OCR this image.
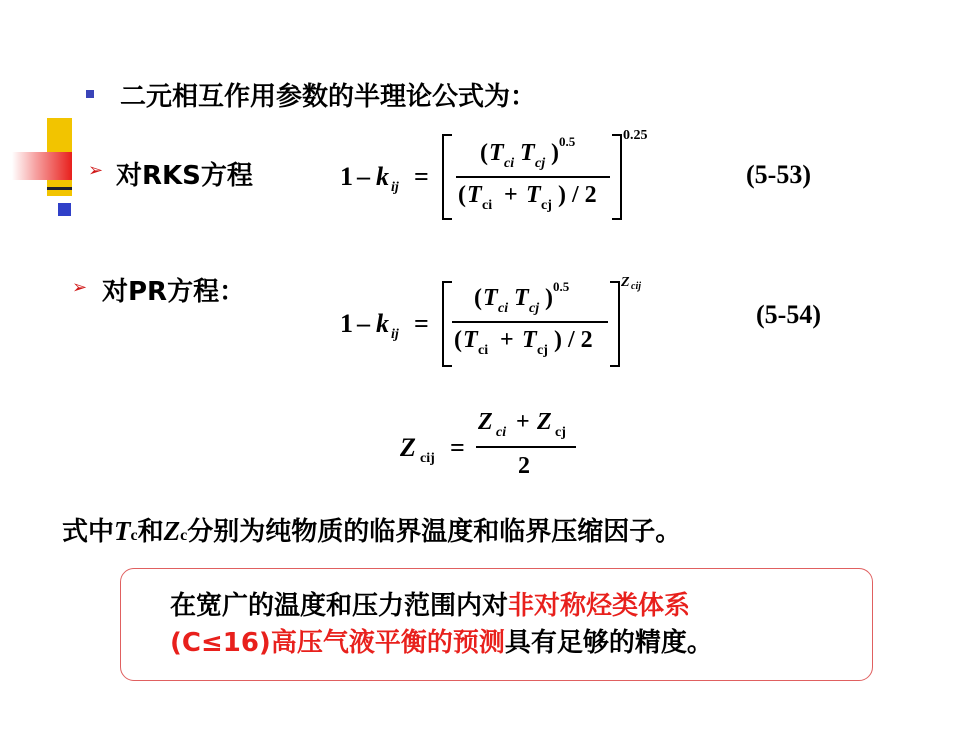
二元相互作用参数的半理论公式为：
➢ 对RKS方程	1 – k ij =
( T ci T cj ) 0.5
( T ci + T cj ) / 2
0.25
(5-53)
➢ 对PR方程：
1 – k ij =
( T ci T cj ) 0.5
( T ci + T cj ) / 2
Z cij
(5-54)
Z cij =
Z ci + Z cj
2
式中Tc和Zc分别为纯物质的临界温度和临界压缩因子。
在宽广的温度和压力范围内对非对称烃类体系
(C≤16)高压气液平衡的预测具有足够的精度。
